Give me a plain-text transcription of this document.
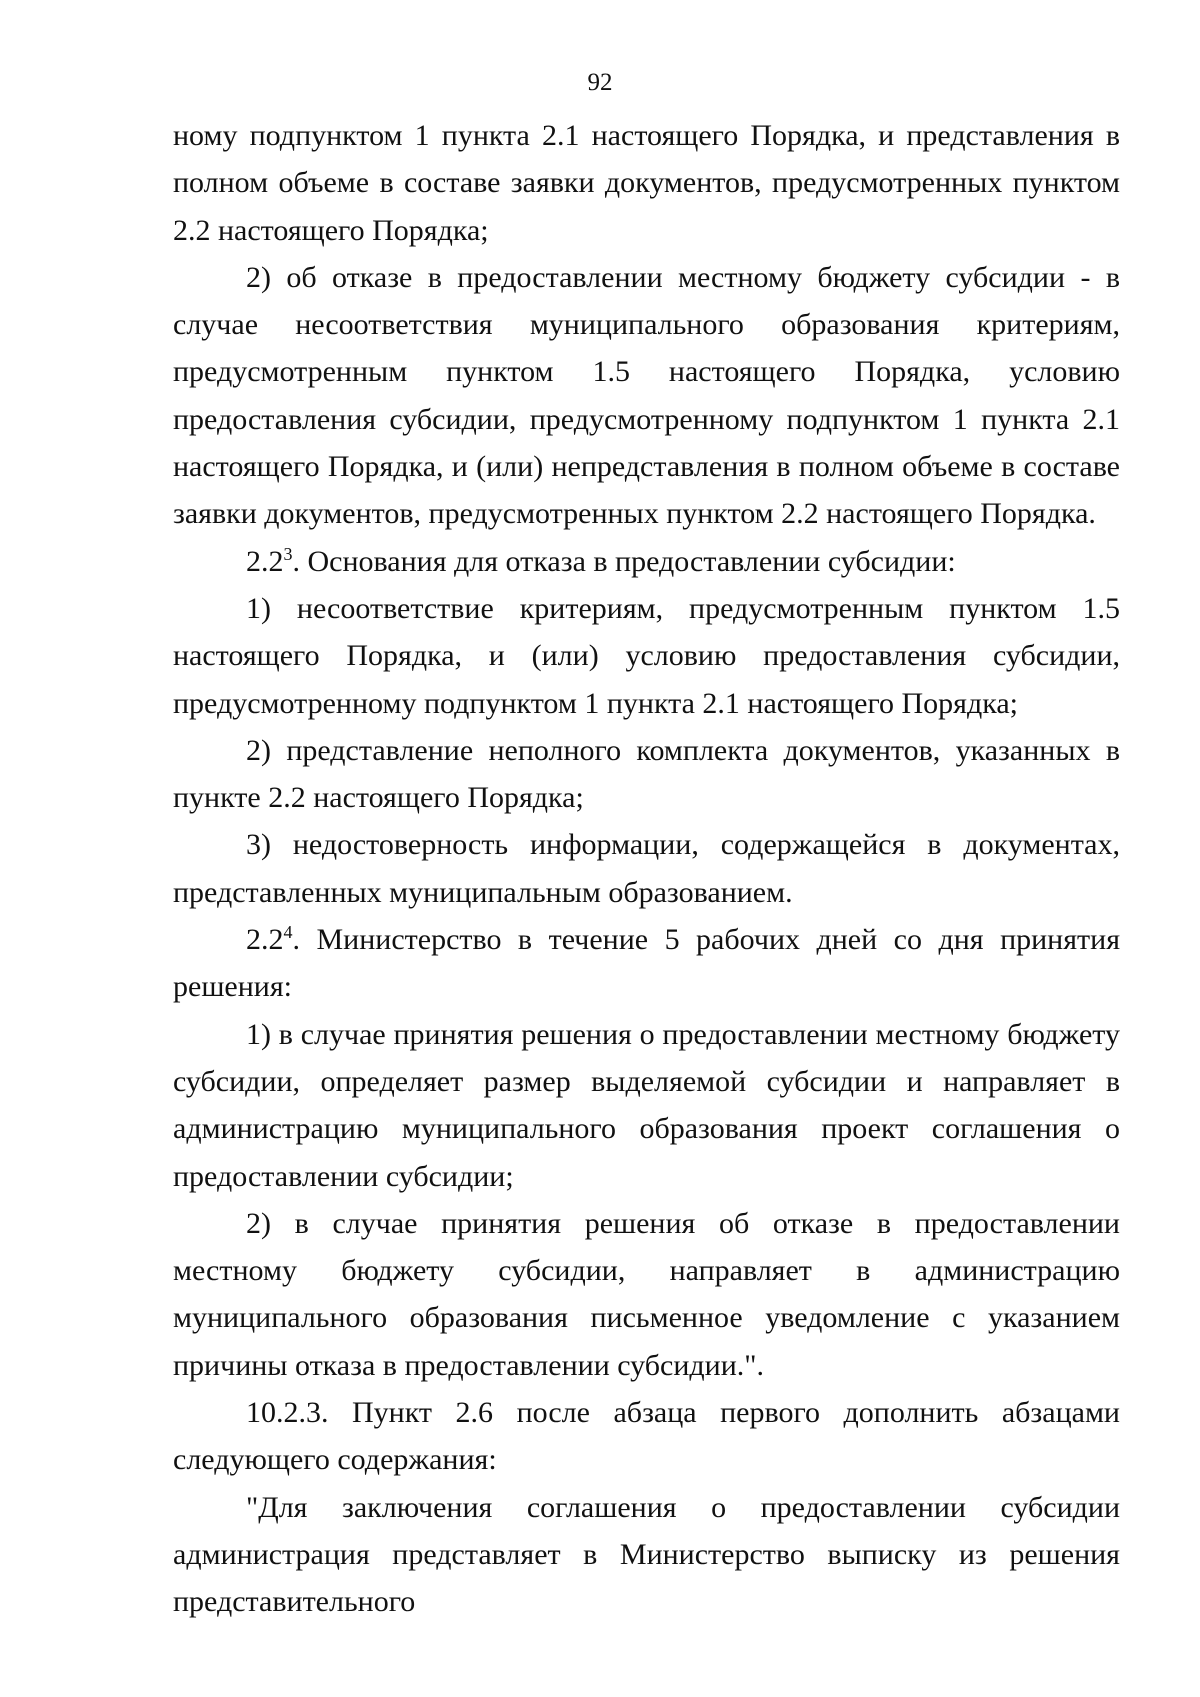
92

ному подпунктом 1 пункта 2.1 настоящего Порядка, и представления в полном объеме в составе заявки документов, предусмотренных пунктом 2.2 настоящего Порядка;

2) об отказе в предоставлении местному бюджету субсидии - в случае несоответствия муниципального образования критериям, предусмотренным пунктом 1.5 настоящего Порядка, условию предоставления субсидии, предусмотренному подпунктом 1 пункта 2.1 настоящего Порядка, и (или) непредставления в полном объеме в составе заявки документов, предусмотренных пунктом 2.2 настоящего Порядка.

$2.2^3$. Основания для отказа в предоставлении субсидии:

1) несоответствие критериям, предусмотренным пунктом 1.5 настоящего Порядка, и (или) условию предоставления субсидии, предусмотренному подпунктом 1 пункта 2.1 настоящего Порядка;

2) представление неполного комплекта документов, указанных в пункте 2.2 настоящего Порядка;

3) недостоверность информации, содержащейся в документах, представленных муниципальным образованием.

$2.2^4$. Министерство в течение 5 рабочих дней со дня принятия решения:

1) в случае принятия решения о предоставлении местному бюджету субсидии, определяет размер выделяемой субсидии и направляет в администрацию муниципального образования проект соглашения о предоставлении субсидии;

2) в случае принятия решения об отказе в предоставлении местному бюджету субсидии, направляет в администрацию муниципального образования письменное уведомление с указанием причины отказа в предоставлении субсидии.".

10.2.3. Пункт 2.6 после абзаца первого дополнить абзацами следующего содержания:

"Для заключения соглашения о предоставлении субсидии администрация представляет в Министерство выписку из решения представительного
